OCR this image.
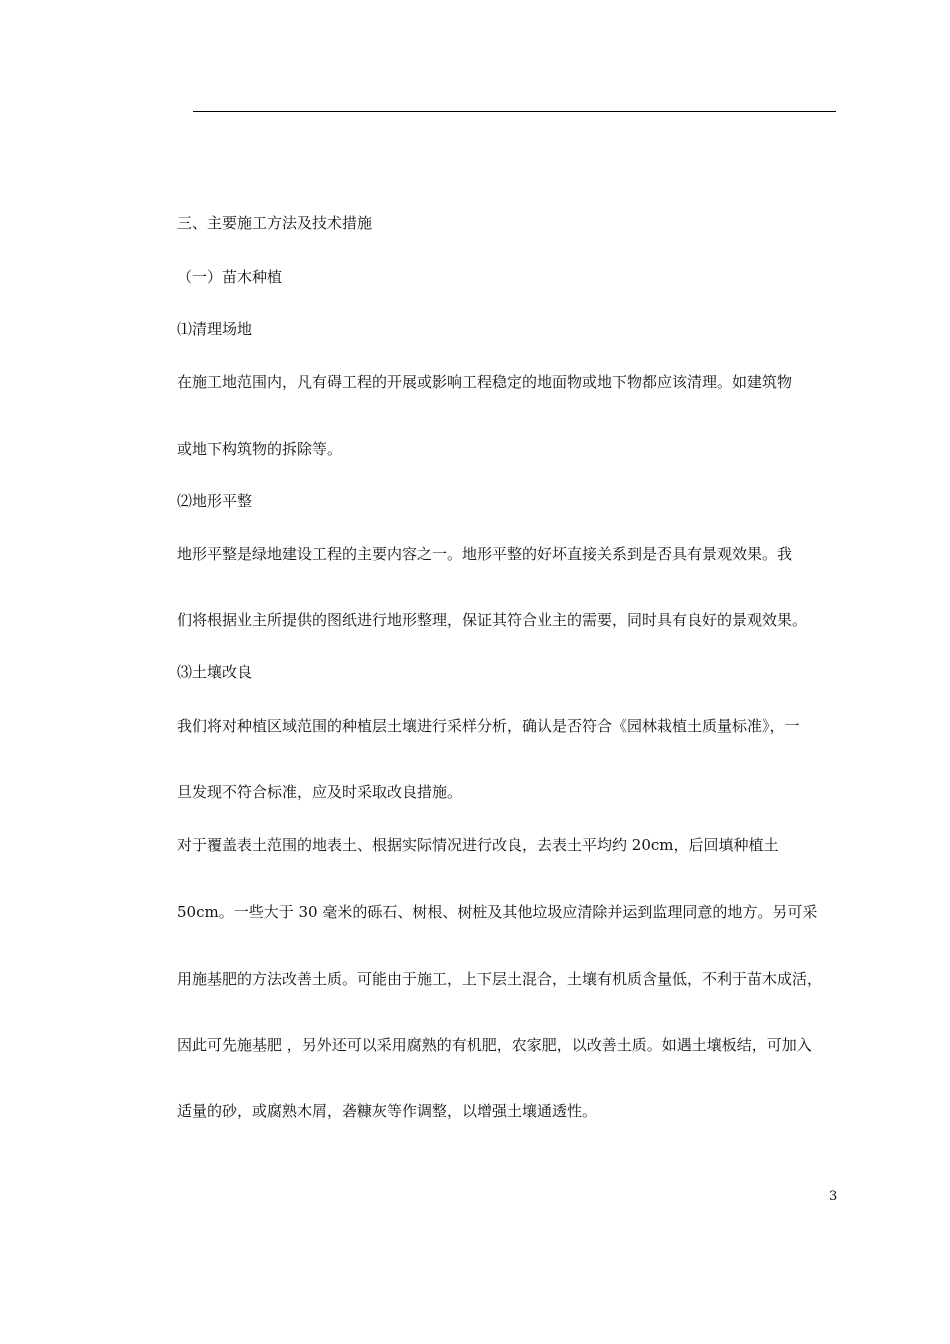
三、主要施工方法及技术措施
（一）苗木种植
⑴清理场地
在施工地范围内，凡有碍工程的开展或影响工程稳定的地面物或地下物都应该清理。如建筑物
或地下构筑物的拆除等。
⑵地形平整
地形平整是绿地建设工程的主要内容之一。地形平整的好坏直接关系到是否具有景观效果。我
们将根据业主所提供的图纸进行地形整理，保证其符合业主的需要，同时具有良好的景观效果。
⑶土壤改良
我们将对种植区域范围的种植层土壤进行采样分析，确认是否符合《园林栽植土质量标准》，一
旦发现不符合标准，应及时采取改良措施。
对于覆盖表土范围的地表土、根据实际情况进行改良，去表土平均约 20cm，后回填种植土
50cm。一些大于 30 毫米的砾石、树根、树桩及其他垃圾应清除并运到监理同意的地方。另可采
用施基肥的方法改善土质。可能由于施工，上下层土混合，土壤有机质含量低，不利于苗木成活，
因此可先施基肥 ，另外还可以采用腐熟的有机肥，农家肥，以改善土质。如遇土壤板结，可加入
适量的砂，或腐熟木屑，砻糠灰等作调整，以增强土壤通透性。
3
